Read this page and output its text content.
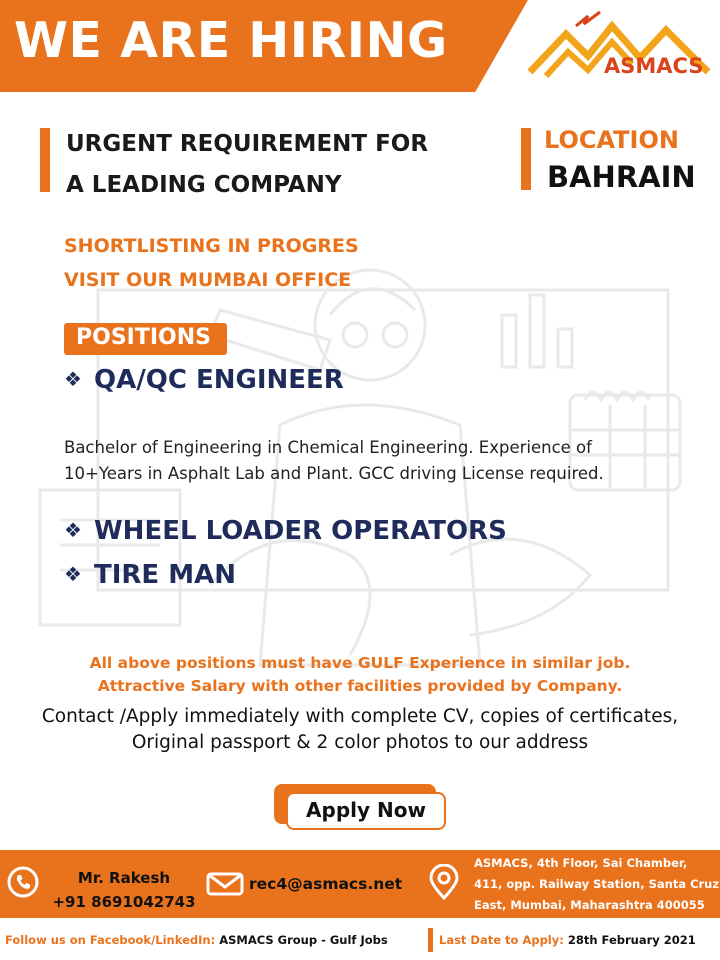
WE ARE HIRING	ASMACS
URGENT REQUIREMENT FOR
A LEADING COMPANY
LOCATION
BAHRAIN
SHORTLISTING IN PROGRES
VISIT OUR MUMBAI OFFICE
POSITIONS
❖ QA/QC ENGINEER
Bachelor of Engineering in Chemical Engineering. Experience of
10+Years in Asphalt Lab and Plant. GCC driving License required.
❖ WHEEL LOADER OPERATORS
❖ TIRE MAN
All above positions must have GULF Experience in similar job.
Attractive Salary with other facilities provided by Company.
Contact /Apply immediately with complete CV, copies of certificates,
Original passport & 2 color photos to our address
Apply Now
Mr. Rakesh
+91 8691042743
rec4@asmacs.net
ASMACS, 4th Floor, Sai Chamber,
411, opp. Railway Station, Santa Cruz
East, Mumbai, Maharashtra 400055
Follow us on Facebook/LinkedIn: ASMACS Group - Gulf Jobs	Last Date to Apply: 28th February 2021
